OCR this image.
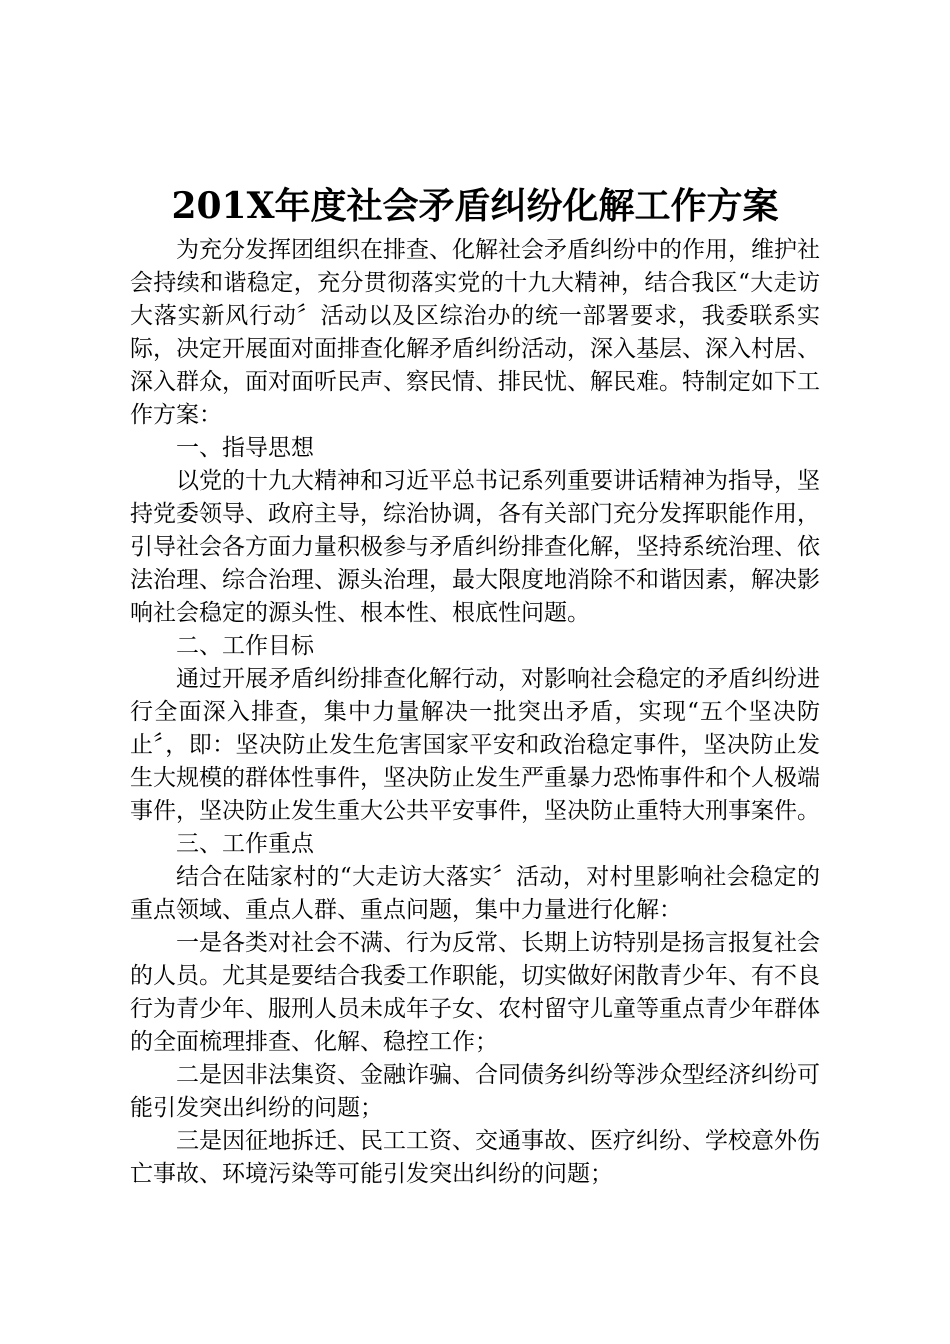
201X年度社会矛盾纠纷化解工作方案

为充分发挥团组织在排查、化解社会矛盾纠纷中的作用，维护社会持续和谐稳定，充分贯彻落实党的十九大精神，结合我区“大走访大落实新风行动〞活动以及区综治办的统一部署要求，我委联系实际，决定开展面对面排查化解矛盾纠纷活动，深入基层、深入村居、深入群众，面对面听民声、察民情、排民忧、解民难。特制定如下工作方案：

一、指导思想

以党的十九大精神和习近平总书记系列重要讲话精神为指导，坚持党委领导、政府主导，综治协调，各有关部门充分发挥职能作用，引导社会各方面力量积极参与矛盾纠纷排查化解，坚持系统治理、依法治理、综合治理、源头治理，最大限度地消除不和谐因素，解决影响社会稳定的源头性、根本性、根底性问题。

二、工作目标

通过开展矛盾纠纷排查化解行动，对影响社会稳定的矛盾纠纷进行全面深入排查，集中力量解决一批突出矛盾，实现“五个坚决防止〞，即：坚决防止发生危害国家平安和政治稳定事件，坚决防止发生大规模的群体性事件，坚决防止发生严重暴力恐怖事件和个人极端事件，坚决防止发生重大公共平安事件，坚决防止重特大刑事案件。

三、工作重点

结合在陆家村的“大走访大落实〞活动，对村里影响社会稳定的重点领域、重点人群、重点问题，集中力量进行化解：

一是各类对社会不满、行为反常、长期上访特别是扬言报复社会的人员。尤其是要结合我委工作职能，切实做好闲散青少年、有不良行为青少年、服刑人员未成年子女、农村留守儿童等重点青少年群体的全面梳理排查、化解、稳控工作；

二是因非法集资、金融诈骗、合同债务纠纷等涉众型经济纠纷可能引发突出纠纷的问题；

三是因征地拆迁、民工工资、交通事故、医疗纠纷、学校意外伤亡事故、环境污染等可能引发突出纠纷的问题；
